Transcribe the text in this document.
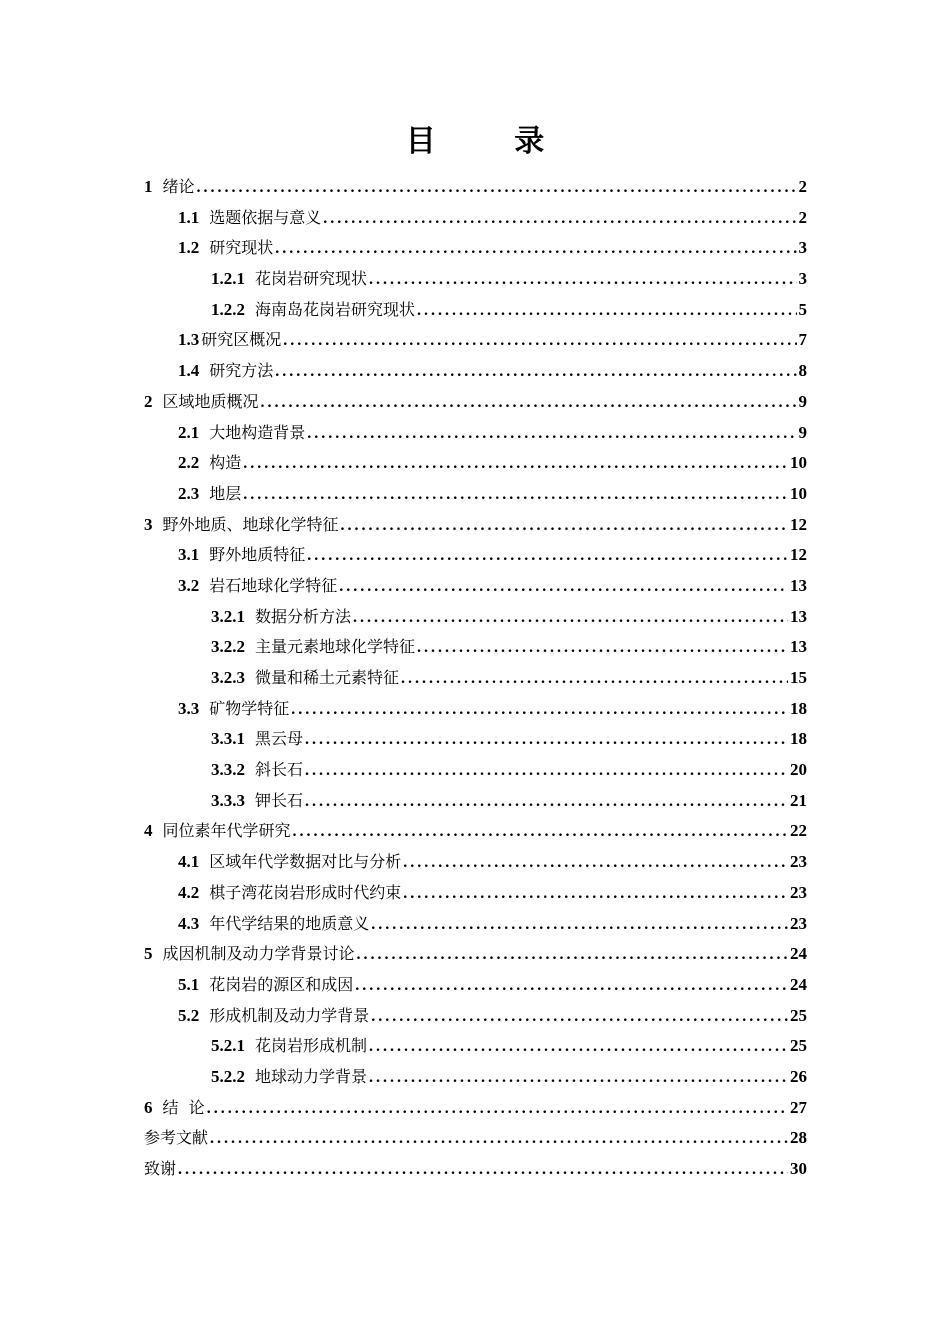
目 录
1 绪论 . . .	2
1.1 选题依据与意义 . . .	2
1.2 研究现状 . . .	3
1.2.1 花岗岩研究现状 . . .	3
1.2.2 海南岛花岗岩研究现状 . . .	5
1.3 研究区概况 . . .	7
1.4 研究方法 . . .	8
2 区域地质概况 . . .	9
2.1 大地构造背景 . . .	9
2.2 构造 . . .	10
2.3 地层 . . .	10
3 野外地质、地球化学特征 . . .	12
3.1 野外地质特征 . . .	12
3.2 岩石地球化学特征 . . .	13
3.2.1 数据分析方法 . . .	13
3.2.2 主量元素地球化学特征 . . .	13
3.2.3 微量和稀土元素特征 . . .	15
3.3 矿物学特征 . . .	18
3.3.1 黑云母 . . .	18
3.3.2 斜长石 . . .	20
3.3.3 钾长石 . . .	21
4 同位素年代学研究 . . .	22
4.1 区域年代学数据对比与分析 . . .	23
4.2 棋子湾花岗岩形成时代约束 . . .	23
4.3 年代学结果的地质意义 . . .	23
5 成因机制及动力学背景讨论 . . .	24
5.1 花岗岩的源区和成因 . . .	24
5.2 形成机制及动力学背景 . . .	25
5.2.1 花岗岩形成机制 . . .	25
5.2.2 地球动力学背景 . . .	26
6 结  论 . . .	27
参考文献 . . .	28
致谢 . . .	30
